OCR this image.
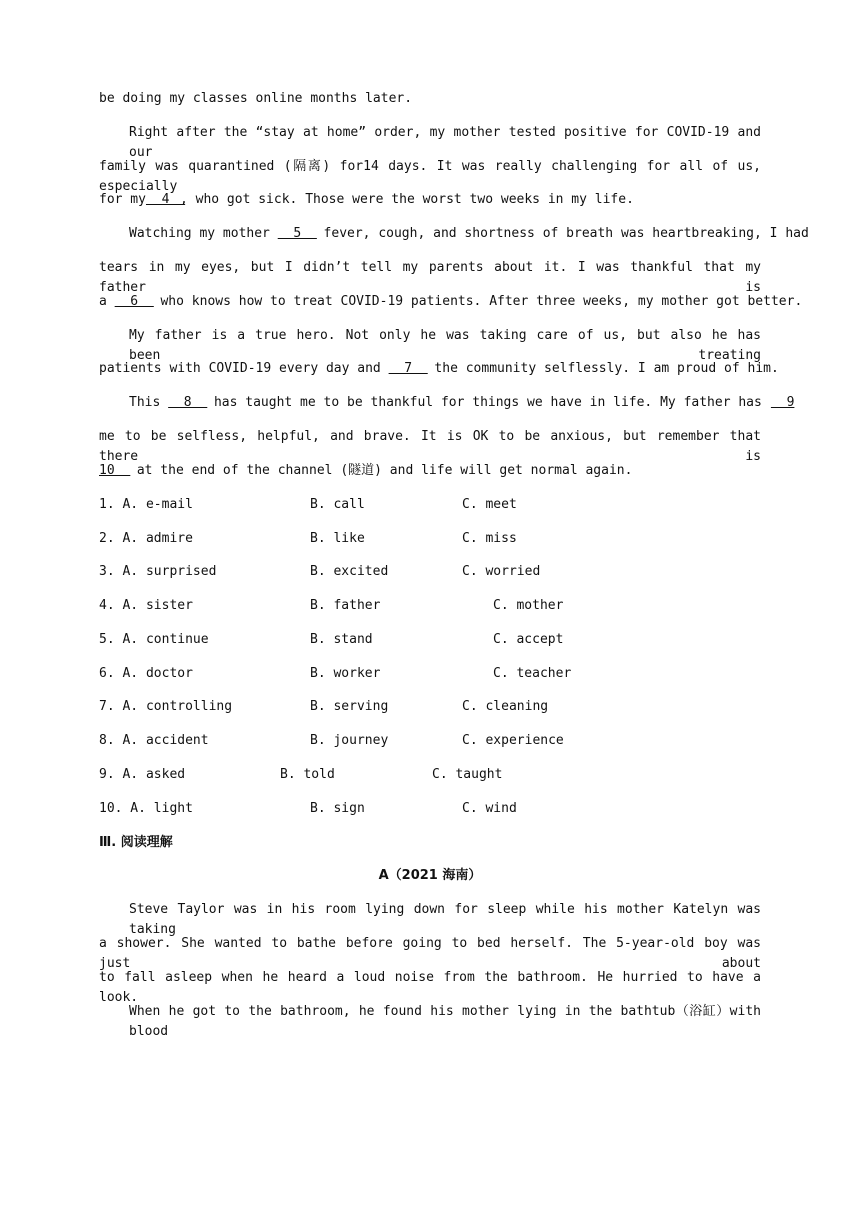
be doing my classes online months later.
Right after the “stay at home” order, my mother tested positive for COVID-19 and our
family was quarantined (隔离) for14 days. It was really challenging for all of us, especially
for my  4  , who got sick. Those were the worst two weeks in my life.
Watching my mother   5   fever, cough, and shortness of breath was heartbreaking, I had
tears in my eyes, but I didn’t tell my parents about it. I was thankful that my father is
a   6   who knows how to treat COVID-19 patients. After three weeks, my mother got better.
My father is a true hero. Not only he was taking care of us, but also he has been treating
patients with COVID-19 every day and   7   the community selflessly. I am proud of him.
This   8   has taught me to be thankful for things we have in life. My father has   9
me to be selfless, helpful, and brave. It is OK to be anxious, but remember that there is
10   at the end of the channel (隧道) and life will get normal again.
1. A. e-mail	B. call	C. meet
2. A. admire	B. like	C. miss
3. A. surprised	B. excited	C. worried
4. A. sister	B. father	C. mother
5. A. continue	B. stand	C. accept
6. A. doctor	B. worker	C. teacher
7. A. controlling	B. serving	C. cleaning
8. A. accident	B. journey	C. experience
9. A. asked	B. told	C. taught
10. A. light	B. sign	C. wind
Ⅲ. 阅读理解
A（2021 海南）
Steve Taylor was in his room lying down for sleep while his mother Katelyn was taking
a shower. She wanted to bathe before going to bed herself. The 5-year-old boy was just about
to fall asleep when he heard a loud noise from the bathroom. He hurried to have a look.
When he got to the bathroom, he found his mother lying in the bathtub（浴缸）with blood
